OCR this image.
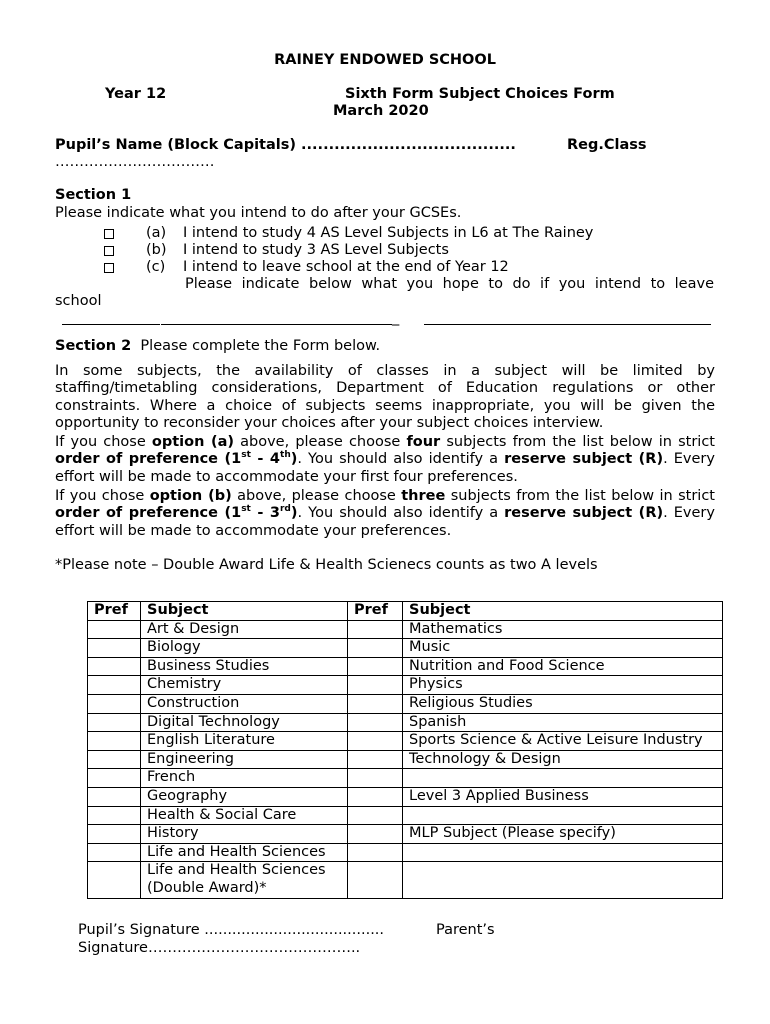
RAINEY ENDOWED SCHOOL
Year 12	Sixth Form Subject Choices Form
March 2020
Pupil’s Name (Block Capitals) .......................................	Reg.Class
……………………………
Section 1
Please indicate what you intend to do after your GCSEs.
(a) I intend to study 4 AS Level Subjects in L6 at The Rainey
(b) I intend to study 3 AS Level Subjects
(c) I intend to leave school at the end of Year 12
Please indicate below what you hope to do if you intend to leave
school
_
Section 2 Please complete the Form below.
In some subjects, the availability of classes in a subject will be limited by staffing/timetabling considerations, Department of Education regulations or other constraints. Where a choice of subjects seems inappropriate, you will be given the opportunity to reconsider your choices after your subject choices interview.
If you chose option (a) above, please choose four subjects from the list below in strict order of preference (1st - 4th). You should also identify a reserve subject (R). Every effort will be made to accommodate your first four preferences.
If you chose option (b) above, please choose three subjects from the list below in strict order of preference (1st - 3rd). You should also identify a reserve subject (R). Every effort will be made to accommodate your preferences.
*Please note – Double Award Life & Health Scienecs counts as two A levels
Pref	Subject	Pref	Subject
	Art & Design		Mathematics
	Biology		Music
	Business Studies		Nutrition and Food Science
	Chemistry		Physics
	Construction		Religious Studies
	Digital Technology		Spanish
	English Literature		Sports Science & Active Leisure Industry
	Engineering		Technology & Design
	French		
	Geography		Level 3 Applied Business
	Health & Social Care		
	History		MLP Subject (Please specify)
	Life and Health Sciences		
	Life and Health Sciences (Double Award)*		
Pupil’s Signature .......................................	Parent’s
Signature……………………………………..
